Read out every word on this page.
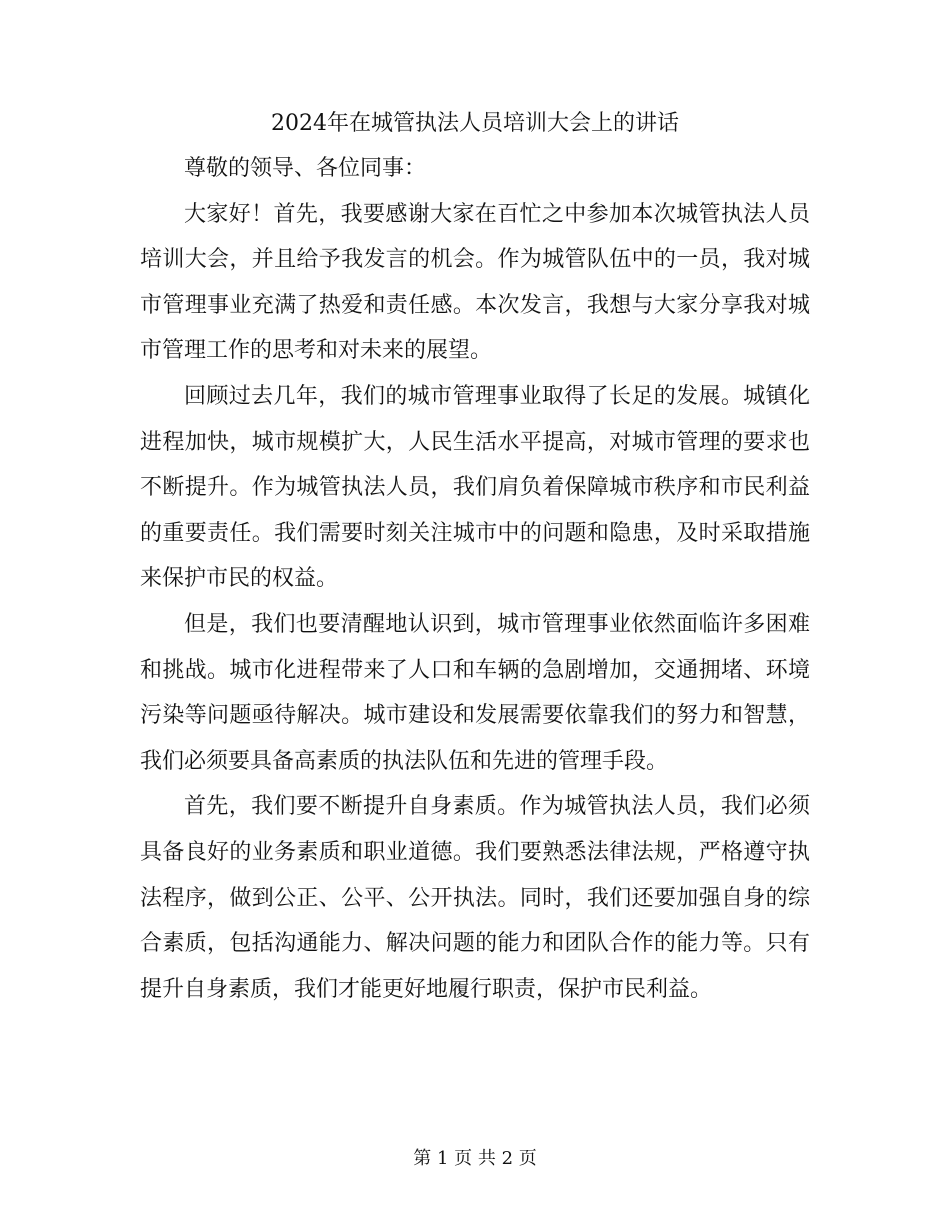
2024年在城管执法人员培训大会上的讲话

尊敬的领导、各位同事：

大家好！首先，我要感谢大家在百忙之中参加本次城管执法人员培训大会，并且给予我发言的机会。作为城管队伍中的一员，我对城市管理事业充满了热爱和责任感。本次发言，我想与大家分享我对城市管理工作的思考和对未来的展望。

回顾过去几年，我们的城市管理事业取得了长足的发展。城镇化进程加快，城市规模扩大，人民生活水平提高，对城市管理的要求也不断提升。作为城管执法人员，我们肩负着保障城市秩序和市民利益的重要责任。我们需要时刻关注城市中的问题和隐患，及时采取措施来保护市民的权益。

但是，我们也要清醒地认识到，城市管理事业依然面临许多困难和挑战。城市化进程带来了人口和车辆的急剧增加，交通拥堵、环境污染等问题亟待解决。城市建设和发展需要依靠我们的努力和智慧，我们必须要具备高素质的执法队伍和先进的管理手段。

首先，我们要不断提升自身素质。作为城管执法人员，我们必须具备良好的业务素质和职业道德。我们要熟悉法律法规，严格遵守执法程序，做到公正、公平、公开执法。同时，我们还要加强自身的综合素质，包括沟通能力、解决问题的能力和团队合作的能力等。只有提升自身素质，我们才能更好地履行职责，保护市民利益。

第 1 页 共 2 页
